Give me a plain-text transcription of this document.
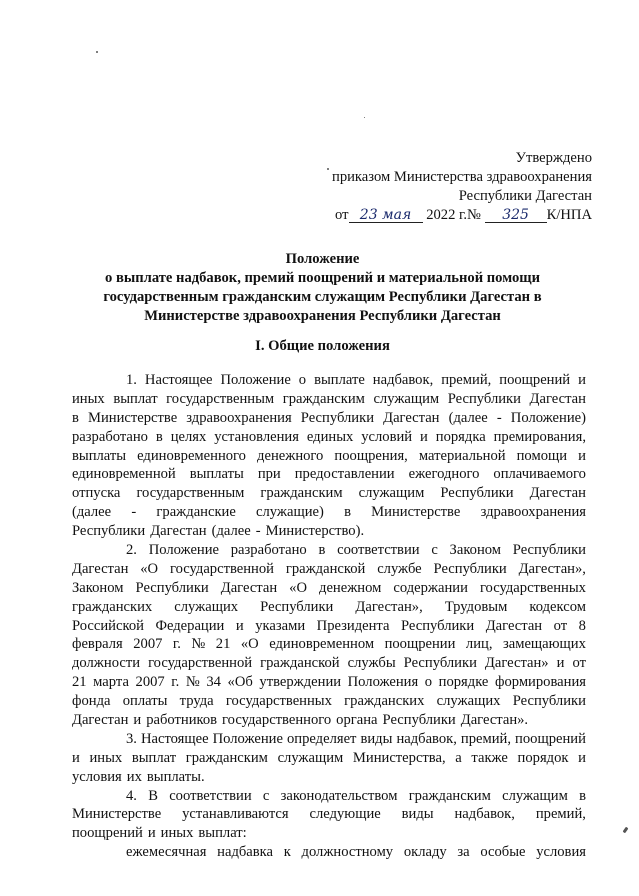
Утверждено
приказом Министерства здравоохранения
Республики Дагестан
от 23 мая 2022 г.№ 325 К/НПА
Положение
о выплате надбавок, премий поощрений и материальной помощи
государственным гражданским служащим Республики Дагестан в
Министерстве здравоохранения Республики Дагестан
I. Общие положения
1. Настоящее Положение о выплате надбавок, премий, поощрений и
иных выплат государственным гражданским служащим Республики Дагестан
в Министерстве здравоохранения Республики Дагестан (далее - Положение)
разработано в целях установления единых условий и порядка премирования,
выплаты единовременного денежного поощрения, материальной помощи и
единовременной выплаты при предоставлении ежегодного оплачиваемого
отпуска государственным гражданским служащим Республики Дагестан
(далее - гражданские служащие) в Министерстве здравоохранения
Республики Дагестан (далее - Министерство).
2. Положение разработано в соответствии с Законом Республики
Дагестан «О государственной гражданской службе Республики Дагестан»,
Законом Республики Дагестан «О денежном содержании государственных
гражданских служащих Республики Дагестан», Трудовым кодексом
Российской Федерации и указами Президента Республики Дагестан от 8
февраля 2007 г. № 21 «О единовременном поощрении лиц, замещающих
должности государственной гражданской службы Республики Дагестан» и от
21 марта 2007 г. № 34 «Об утверждении Положения о порядке формирования
фонда оплаты труда государственных гражданских служащих Республики
Дагестан и работников государственного органа Республики Дагестан».
3. Настоящее Положение определяет виды надбавок, премий, поощрений
и иных выплат гражданским служащим Министерства, а также порядок и
условия их выплаты.
4. В соответствии с законодательством гражданским служащим в
Министерстве устанавливаются следующие виды надбавок, премий,
поощрений и иных выплат:
ежемесячная надбавка к должностному окладу за особые условия
